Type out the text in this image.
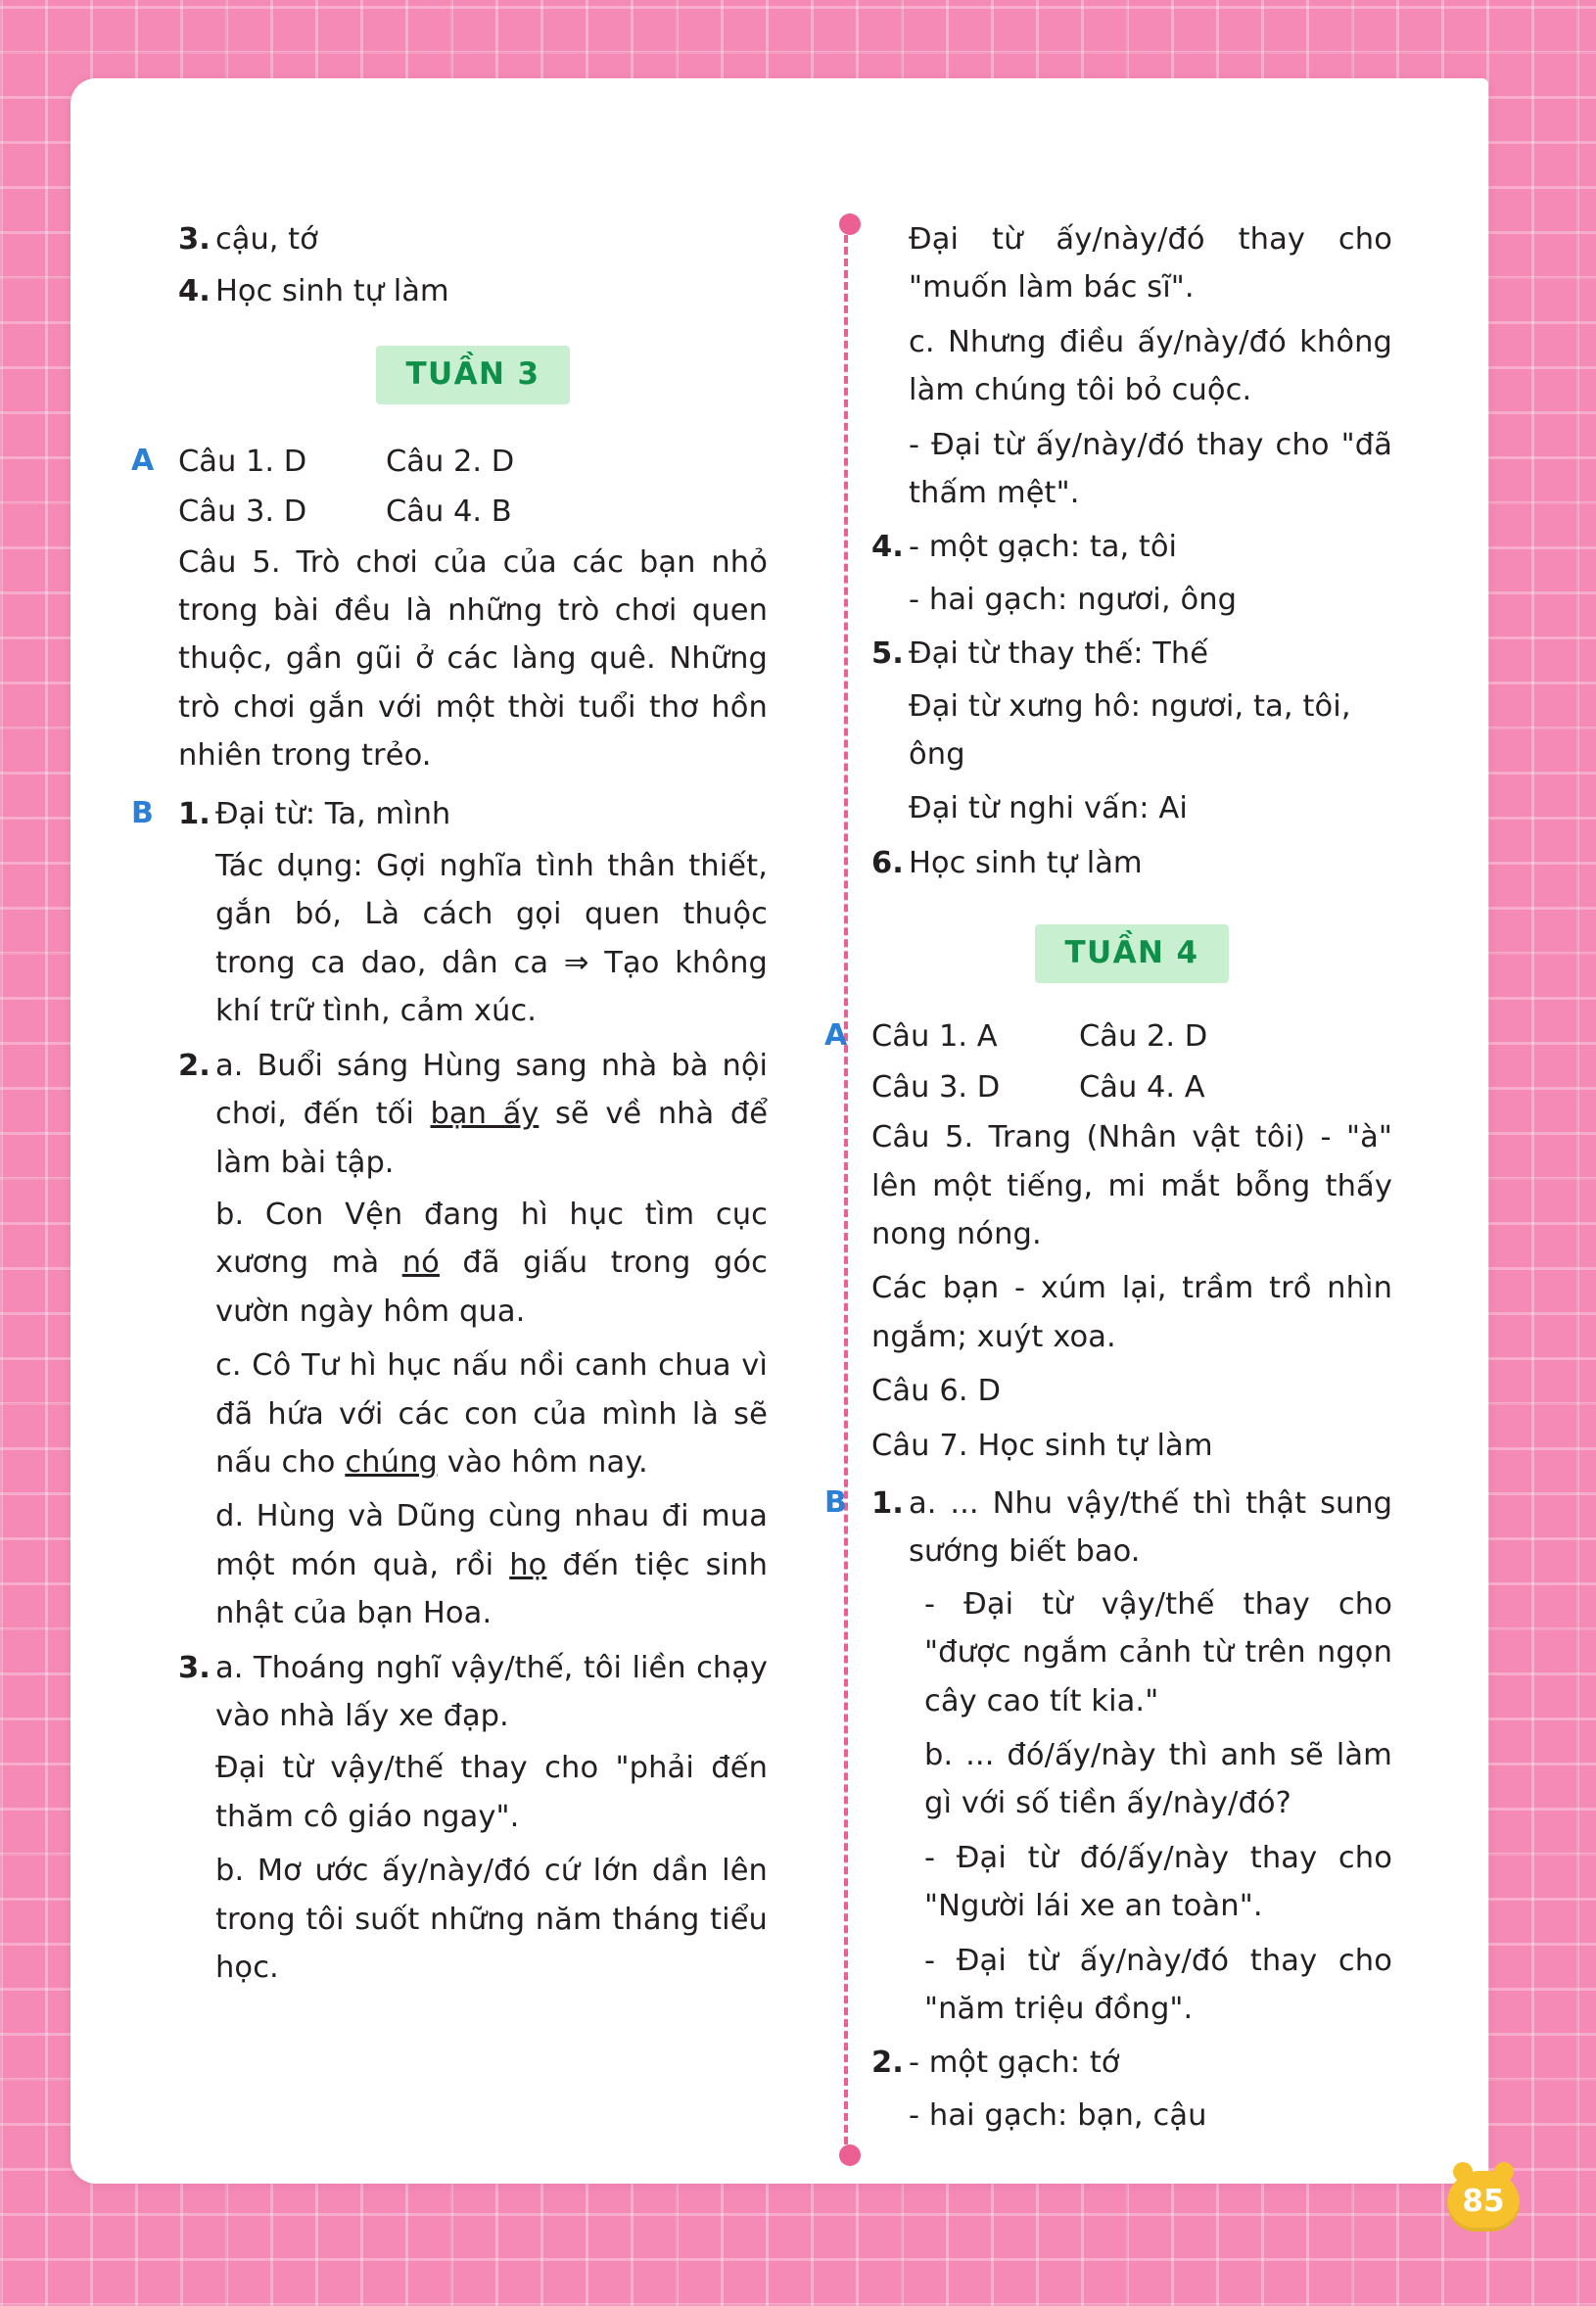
3. cậu, tớ
4. Học sinh tự làm
TUẦN 3
A Câu 1. D	Câu 2. D
Câu 3. D	Câu 4. B

Câu 5. Trò chơi của của các bạn nhỏ trong bài đều là những trò chơi quen thuộc, gần gũi ở các làng quê. Những trò chơi gắn với một thời tuổi thơ hồn nhiên trong trẻo.

B 1. Đại từ: Ta, mình

Tác dụng: Gợi nghĩa tình thân thiết, gắn bó, Là cách gọi quen thuộc trong ca dao, dân ca ⇒ Tạo không khí trữ tình, cảm xúc.

2. a. Buổi sáng Hùng sang nhà bà nội chơi, đến tối bạn ấy sẽ về nhà để làm bài tập.

b. Con Vện đang hì hục tìm cục xương mà nó đã giấu trong góc vườn ngày hôm qua.

c. Cô Tư hì hục nấu nồi canh chua vì đã hứa với các con của mình là sẽ nấu cho chúng vào hôm nay.

d. Hùng và Dũng cùng nhau đi mua một món quà, rồi họ đến tiệc sinh nhật của bạn Hoa.

3. a. Thoáng nghĩ vậy/thế, tôi liền chạy vào nhà lấy xe đạp.

Đại từ vậy/thế thay cho "phải đến thăm cô giáo ngay".

b. Mơ ước ấy/này/đó cứ lớn dần lên trong tôi suốt những năm tháng tiểu học.

Đại từ ấy/này/đó thay cho "muốn làm bác sĩ".

c. Nhưng điều ấy/này/đó không làm chúng tôi bỏ cuộc.

- Đại từ ấy/này/đó thay cho "đã thấm mệt".

4. - một gạch: ta, tôi

- hai gạch: ngươi, ông

5. Đại từ thay thế: Thế

Đại từ xưng hô: ngươi, ta, tôi, ông

Đại từ nghi vấn: Ai

6. Học sinh tự làm
TUẦN 4
A Câu 1. A	Câu 2. D
Câu 3. D	Câu 4. A

Câu 5. Trang (Nhân vật tôi) - "à" lên một tiếng, mi mắt bỗng thấy nong nóng.

Các bạn - xúm lại, trầm trồ nhìn ngắm; xuýt xoa.

Câu 6. D

Câu 7. Học sinh tự làm

B 1. a. ... Nhu vậy/thế thì thật sung sướng biết bao.

- Đại từ vậy/thế thay cho "được ngắm cảnh từ trên ngọn cây cao tít kia."

b. ... đó/ấy/này thì anh sẽ làm gì với số tiền ấy/này/đó?

- Đại từ đó/ấy/này thay cho "Người lái xe an toàn".

- Đại từ ấy/này/đó thay cho "năm triệu đồng".

2. - một gạch: tớ

- hai gạch: bạn, cậu

85
